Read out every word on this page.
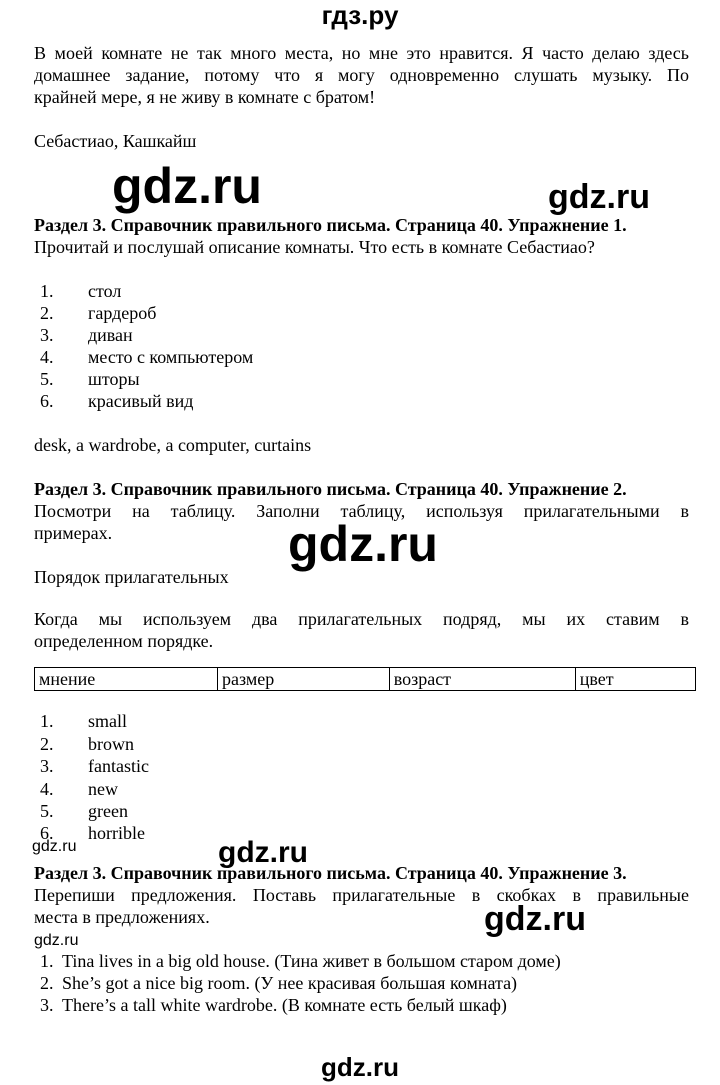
гдз.ру
В моей комнате не так много места, но мне это нравится. Я часто делаю здесь
домашнее задание, потому что я могу одновременно слушать музыку. По
крайней мере, я не живу в комнате с братом!
Себастиао, Кашкайш
gdz.ru	gdz.ru
Раздел 3. Справочник правильного письма. Страница 40. Упражнение 1.
Прочитай и послушай описание комнаты. Что есть в комнате Себастиао?
1. стол
2. гардероб
3. диван
4. место с компьютером
5. шторы
6. красивый вид
desk, a wardrobe, a computer, curtains
Раздел 3. Справочник правильного письма. Страница 40. Упражнение 2.
Посмотри на таблицу. Заполни таблицу, используя прилагательными в
примерах.	gdz.ru
Порядок прилагательных
Когда мы используем два прилагательных подряд, мы их ставим в
определенном порядке.
мнение	размер	возраст	цвет
1. small
2. brown
3. fantastic
4. new
5. green
6. horrible
gdz.ru	gdz.ru
Раздел 3. Справочник правильного письма. Страница 40. Упражнение 3.
Перепиши предложения. Поставь прилагательные в скобках в правильные
места в предложениях.	gdz.ru
gdz.ru
1. Tina lives in a big old house. (Тина живет в большом старом доме)
2. She’s got a nice big room. (У нее красивая большая комната)
3. There’s a tall white wardrobe. (В комнате есть белый шкаф)
gdz.ru
